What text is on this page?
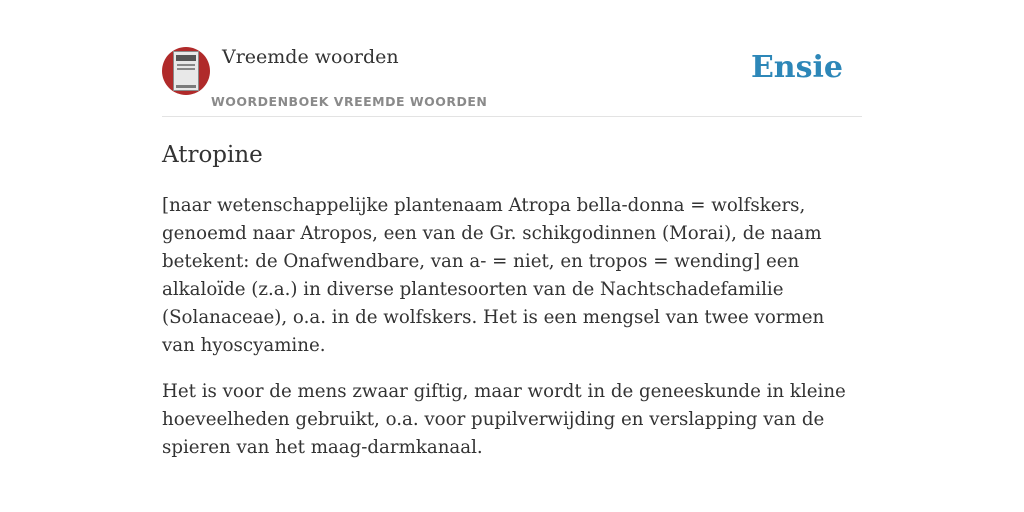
Vreemde woorden
WOORDENBOEK VREEMDE WOORDEN
Ensie
Atropine

[naar wetenschappelijke plantenaam Atropa bella-donna = wolfskers, genoemd naar Atropos, een van de Gr. schikgodinnen (Morai), de naam betekent: de Onafwendbare, van a- = niet, en tropos = wending] een alkaloïde (z.a.) in diverse plantesoorten van de Nachtschadefamilie (Solanaceae), o.a. in de wolfskers. Het is een mengsel van twee vormen van hyoscyamine.

Het is voor de mens zwaar giftig, maar wordt in de geneeskunde in kleine hoeveelheden gebruikt, o.a. voor pupilverwijding en verslapping van de spieren van het maag-darmkanaal.
